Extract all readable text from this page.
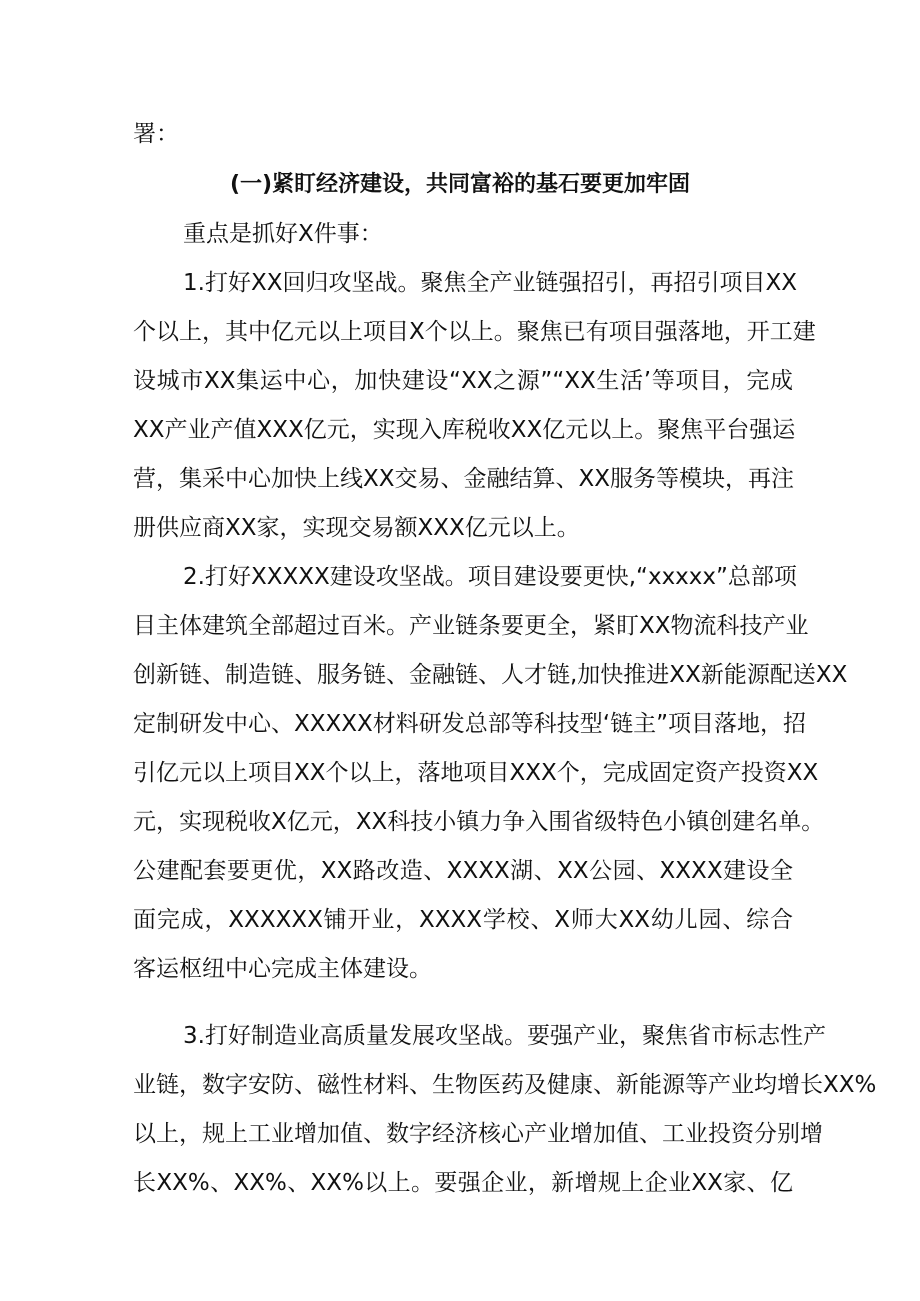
署：
(一)紧盯经济建设，共同富裕的基石要更加牢固
重点是抓好X件事：
1.打好XX回归攻坚战。聚焦全产业链强招引，再招引项目XX
个以上，其中亿元以上项目X个以上。聚焦已有项目强落地，开工建
设城市XX集运中心，加快建设“XX之源”“XX生活’等项目，完成
XX产业产值XXX亿元，实现入库税收XX亿元以上。聚焦平台强运
营，集采中心加快上线XX交易、金融结算、XX服务等模块，再注
册供应商XX家，实现交易额XXX亿元以上。
2.打好XXXXX建设攻坚战。项目建设要更快,“xxxxx”总部项
目主体建筑全部超过百米。产业链条要更全，紧盯XX物流科技产业
创新链、制造链、服务链、金融链、人才链,加快推进XX新能源配送XX
定制研发中心、XXXXX材料研发总部等科技型‘链主”项目落地，招
引亿元以上项目XX个以上，落地项目XXX个，完成固定资产投资XX
元，实现税收X亿元，XX科技小镇力争入围省级特色小镇创建名单。
公建配套要更优，XX路改造、XXXX湖、XX公园、XXXX建设全
面完成，XXXXXX铺开业，XXXX学校、X师大XX幼儿园、综合
客运枢纽中心完成主体建设。
3.打好制造业高质量发展攻坚战。要强产业，聚焦省市标志性产
业链，数字安防、磁性材料、生物医药及健康、新能源等产业均增长XX%
以上，规上工业增加值、数字经济核心产业增加值、工业投资分别增
长XX%、XX%、XX%以上。要强企业，新增规上企业XX家、亿
